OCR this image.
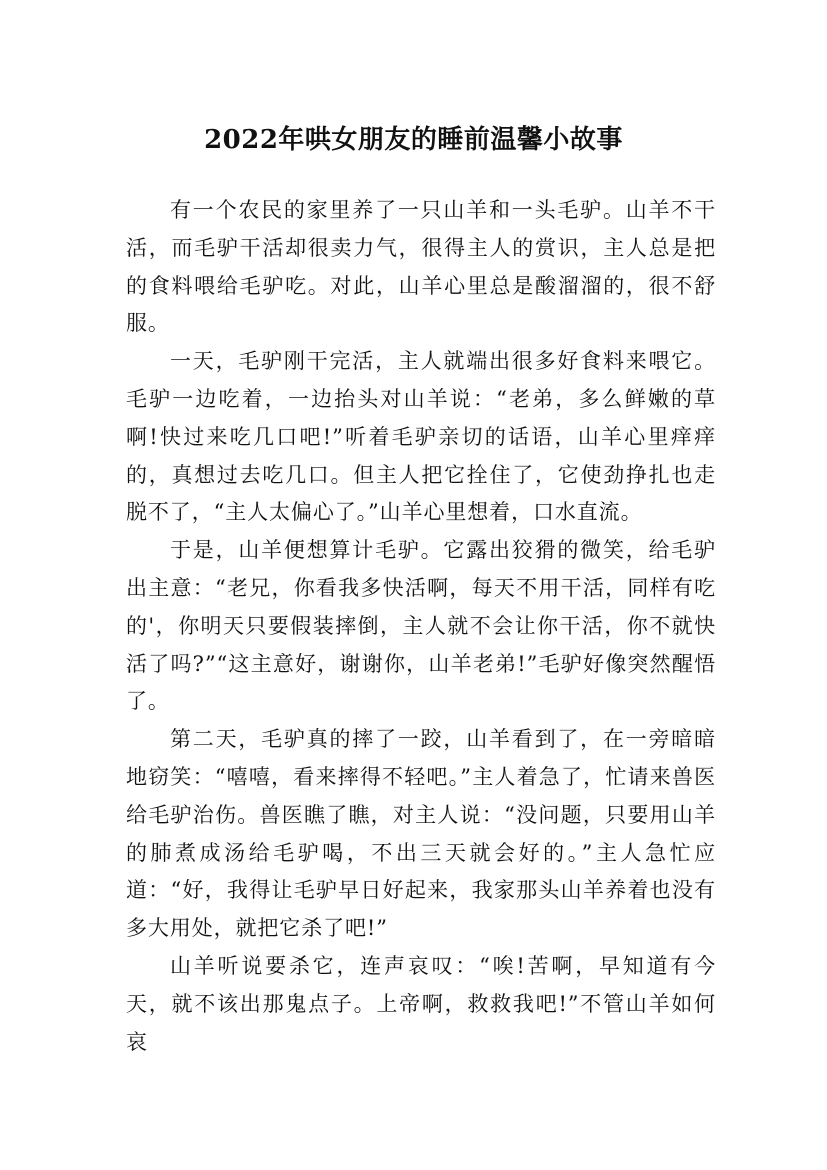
2022年哄女朋友的睡前温馨小故事

有一个农民的家里养了一只山羊和一头毛驴。山羊不干活，而毛驴干活却很卖力气，很得主人的赏识，主人总是把的食料喂给毛驴吃。对此，山羊心里总是酸溜溜的，很不舒服。

一天，毛驴刚干完活，主人就端出很多好食料来喂它。毛驴一边吃着，一边抬头对山羊说：“老弟，多么鲜嫩的草啊!快过来吃几口吧!”听着毛驴亲切的话语，山羊心里痒痒的，真想过去吃几口。但主人把它拴住了，它使劲挣扎也走脱不了，“主人太偏心了。”山羊心里想着，口水直流。

于是，山羊便想算计毛驴。它露出狡猾的微笑，给毛驴出主意：“老兄，你看我多快活啊，每天不用干活，同样有吃的'，你明天只要假装摔倒，主人就不会让你干活，你不就快活了吗?”“这主意好，谢谢你，山羊老弟!”毛驴好像突然醒悟了。

第二天，毛驴真的摔了一跤，山羊看到了，在一旁暗暗地窃笑：“嘻嘻，看来摔得不轻吧。”主人着急了，忙请来兽医给毛驴治伤。兽医瞧了瞧，对主人说：“没问题，只要用山羊的肺煮成汤给毛驴喝，不出三天就会好的。”主人急忙应道：“好，我得让毛驴早日好起来，我家那头山羊养着也没有多大用处，就把它杀了吧!”

山羊听说要杀它，连声哀叹：“唉!苦啊，早知道有今天，就不该出那鬼点子。上帝啊，救救我吧!”不管山羊如何哀
